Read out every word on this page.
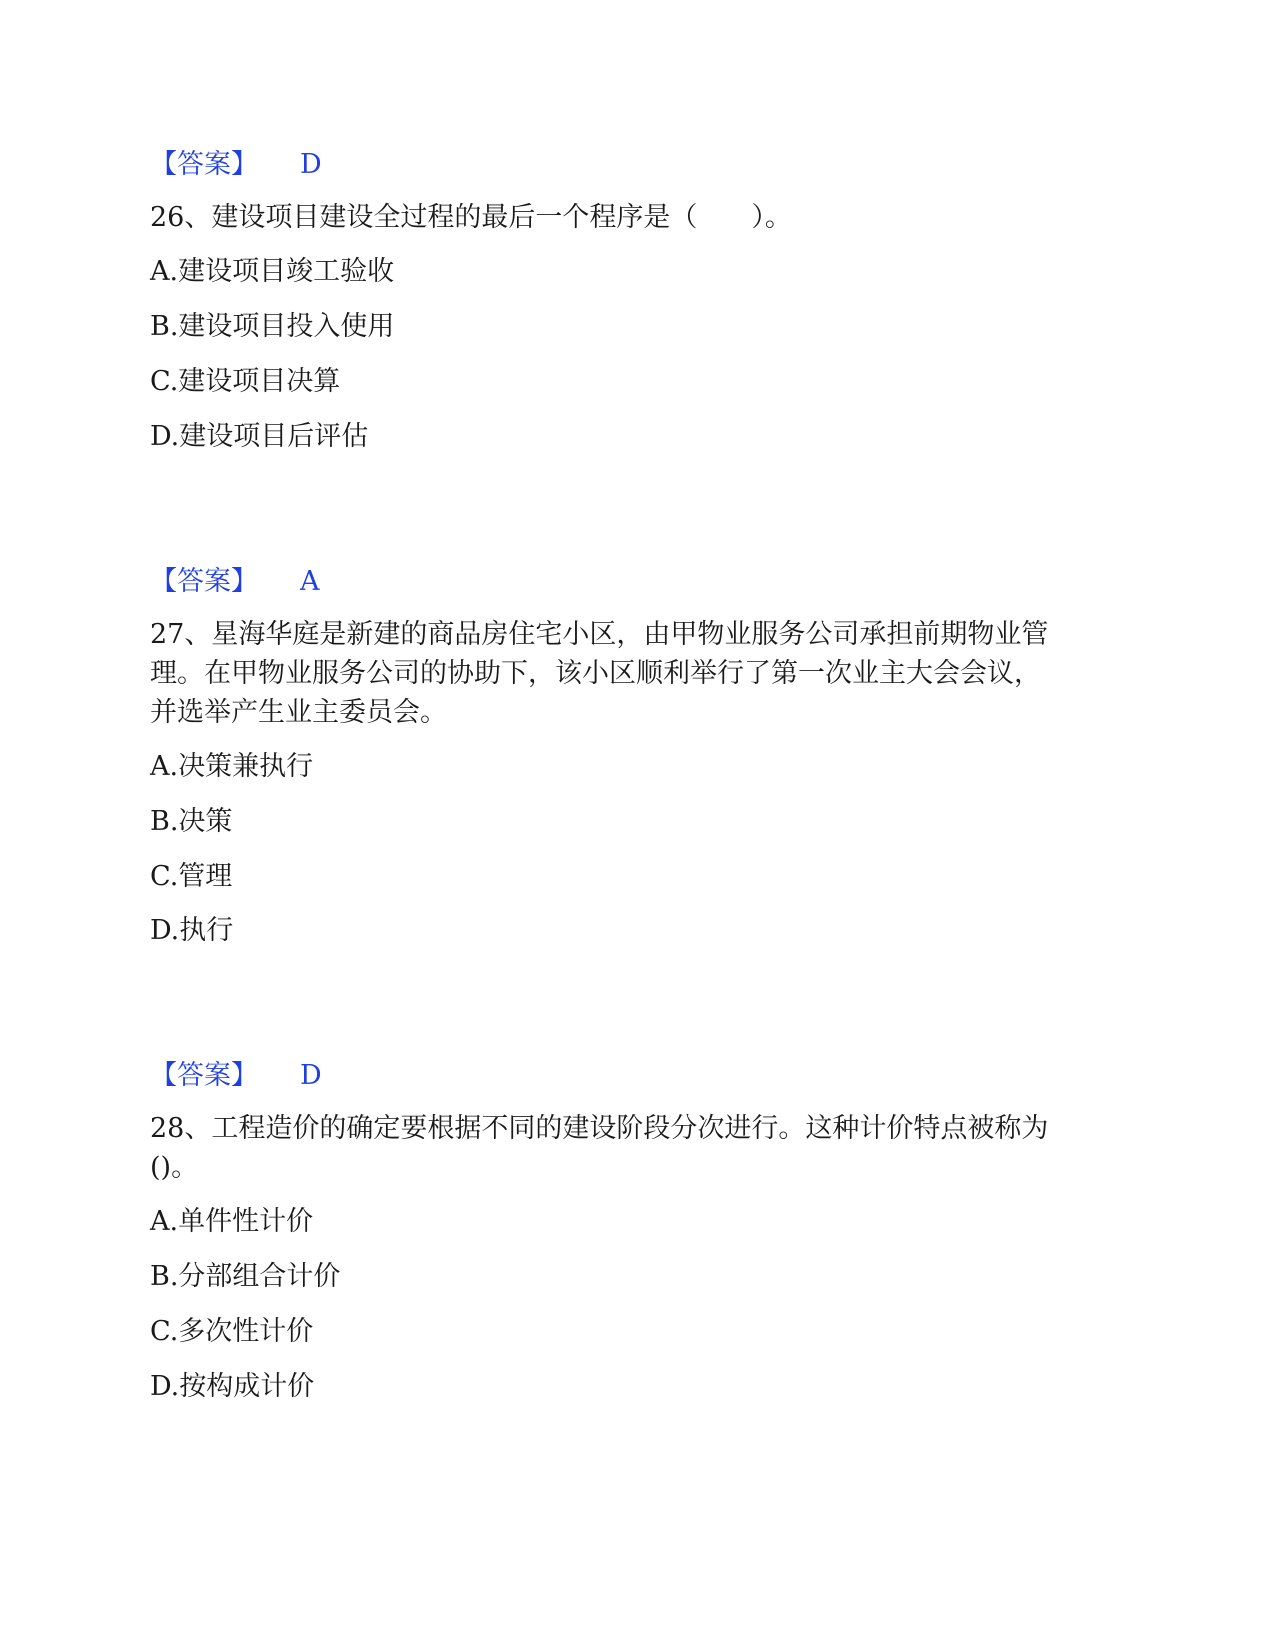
【答案】 D

26、建设项目建设全过程的最后一个程序是（　　）。

A.建设项目竣工验收

B.建设项目投入使用

C.建设项目决算

D.建设项目后评估

【答案】 A

27、星海华庭是新建的商品房住宅小区，由甲物业服务公司承担前期物业管

理。在甲物业服务公司的协助下，该小区顺利举行了第一次业主大会会议，

并选举产生业主委员会。

A.决策兼执行

B.决策

C.管理

D.执行

【答案】 D

28、工程造价的确定要根据不同的建设阶段分次进行。这种计价特点被称为

()。

A.单件性计价

B.分部组合计价

C.多次性计价

D.按构成计价
